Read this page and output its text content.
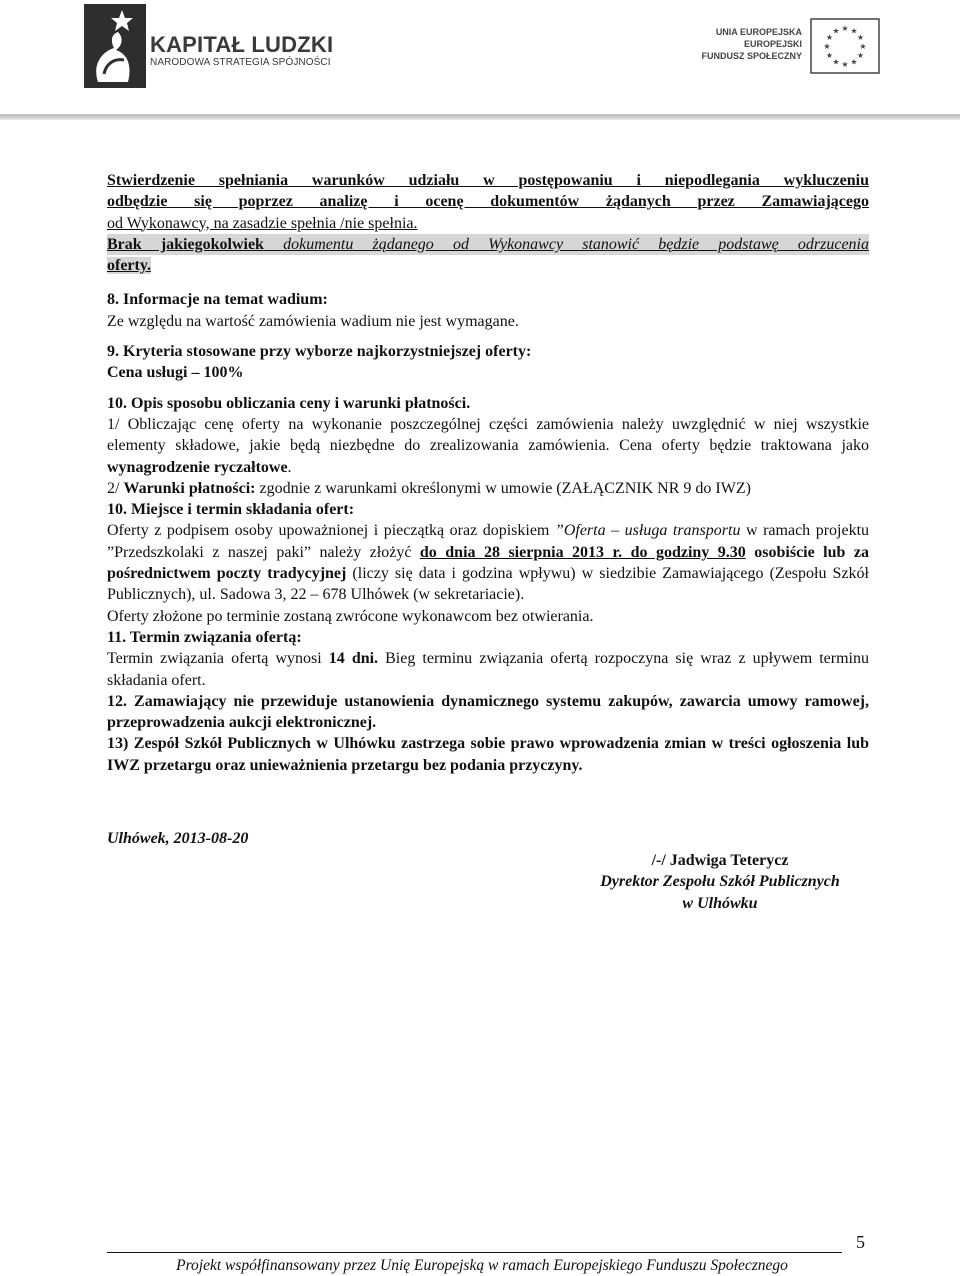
KAPITAŁ LUDZKI
NARODOWA STRATEGIA SPÓJNOŚCI
UNIA EUROPEJSKA
EUROPEJSKI
FUNDUSZ SPOŁECZNY
★ ★
★
★
★
★
★
★
★
★
★
★

Stwierdzenie spełniania warunków udziału w postępowaniu i niepodlegania wykluczeniu

odbędzie się poprzez analizę i ocenę dokumentów żądanych przez Zamawiającego

od Wykonawcy, na zasadzie spełnia /nie spełnia.

Brak jakiegokolwiek dokumentu żądanego od Wykonawcy stanowić będzie podstawę odrzucenia

oferty.

8. Informacje na temat wadium:

Ze względu na wartość zamówienia wadium nie jest wymagane.

9. Kryteria stosowane przy wyborze najkorzystniejszej oferty:

Cena usługi – 100%

10. Opis sposobu obliczania ceny i warunki płatności.

1/ Obliczając cenę oferty na wykonanie poszczególnej części zamówienia należy uwzględnić w niej wszystkie elementy składowe, jakie będą niezbędne do zrealizowania zamówienia. Cena oferty będzie traktowana jako wynagrodzenie ryczałtowe.

2/ Warunki płatności: zgodnie z warunkami określonymi w umowie (ZAŁĄCZNIK NR 9 do IWZ)

10. Miejsce i termin składania ofert:

Oferty z podpisem osoby upoważnionej i pieczątką oraz dopiskiem ”Oferta – usługa transportu w ramach projektu ”Przedszkolaki z naszej paki” należy złożyć do dnia 28 sierpnia 2013 r. do godziny 9.30 osobiście lub za pośrednictwem poczty tradycyjnej (liczy się data i godzina wpływu) w siedzibie Zamawiającego (Zespołu Szkół Publicznych), ul. Sadowa 3, 22 – 678 Ulhówek (w sekretariacie).

Oferty złożone po terminie zostaną zwrócone wykonawcom bez otwierania.

11. Termin związania ofertą:

Termin związania ofertą wynosi 14 dni. Bieg terminu związania ofertą rozpoczyna się wraz z upływem terminu składania ofert.

12. Zamawiający nie przewiduje ustanowienia dynamicznego systemu zakupów, zawarcia umowy ramowej, przeprowadzenia aukcji elektronicznej.

13) Zespół Szkół Publicznych w Ulhówku zastrzega sobie prawo wprowadzenia zmian w treści ogłoszenia lub IWZ przetargu oraz unieważnienia przetargu bez podania przyczyny.

Ulhówek, 2013-08-20

/-/ Jadwiga Teterycz

Dyrektor Zespołu Szkół Publicznych

w Ulhówku

5
Projekt współfinansowany przez Unię Europejską w ramach Europejskiego Funduszu Społecznego
